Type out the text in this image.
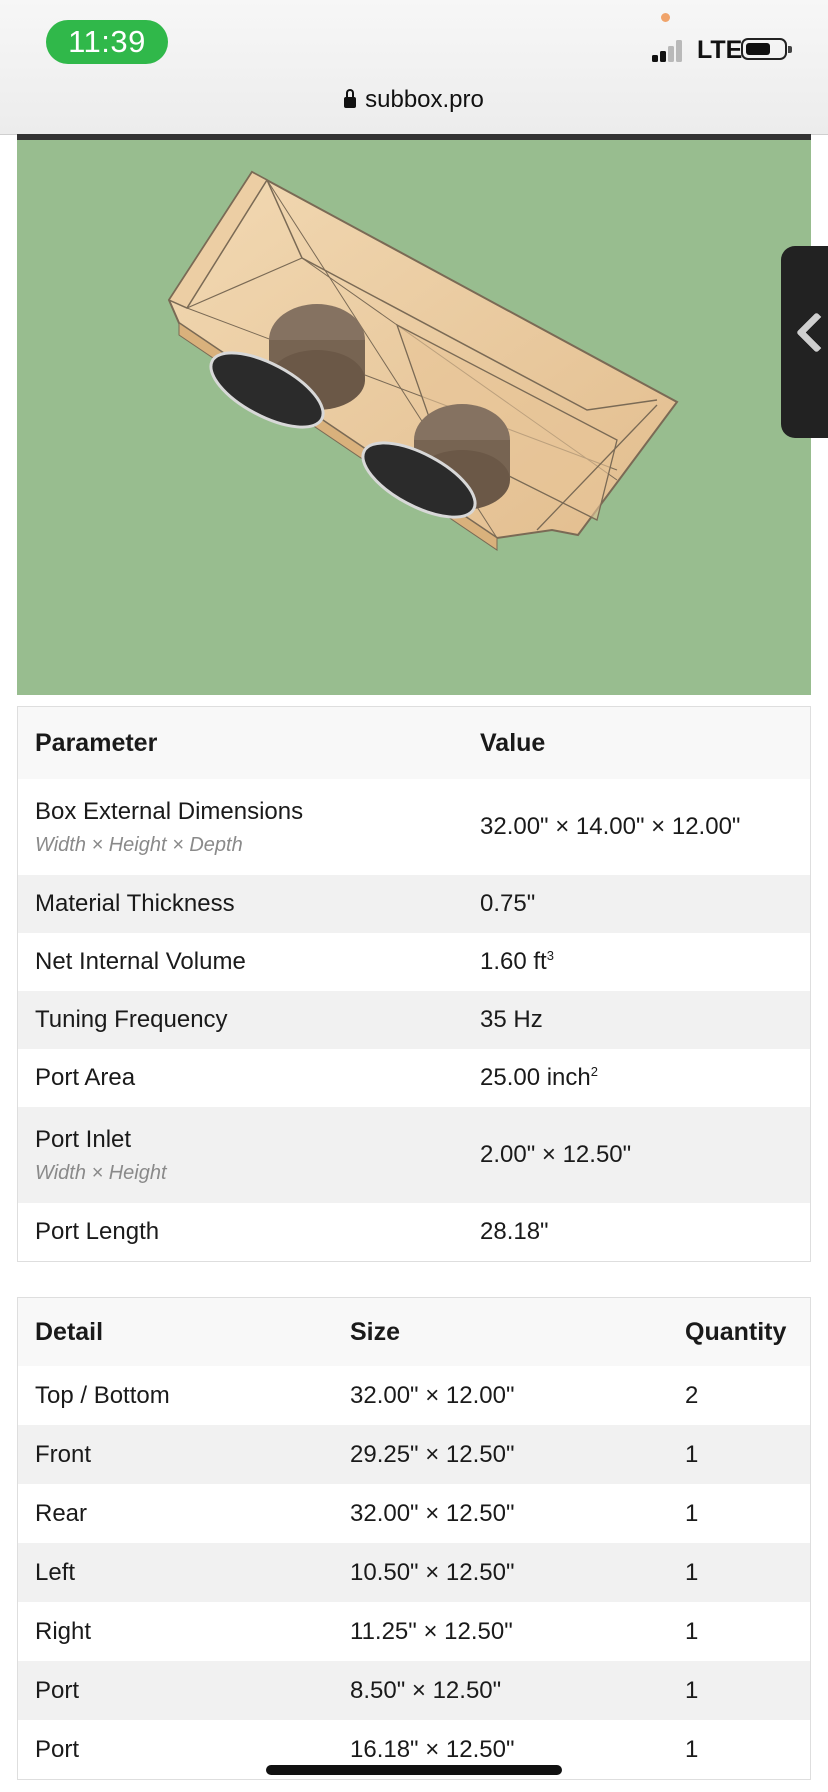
11:39	LTE
subbox.pro
Parameter	Value
Box External Dimensions
Width × Height × Depth	32.00" × 14.00" × 12.00"
Material Thickness	0.75"
Net Internal Volume	1.60 $ft^3$
Tuning Frequency	35 Hz
Port Area	25.00 inch$^2$
Port Inlet
Width × Height	2.00" × 12.50"
Port Length	28.18"
Detail	Size	Quantity
Top / Bottom	32.00" × 12.00"	2
Front	29.25" × 12.50"	1
Rear	32.00" × 12.50"	1
Left	10.50" × 12.50"	1
Right	11.25" × 12.50"	1
Port	8.50" × 12.50"	1
Port	16.18" × 12.50"	1
